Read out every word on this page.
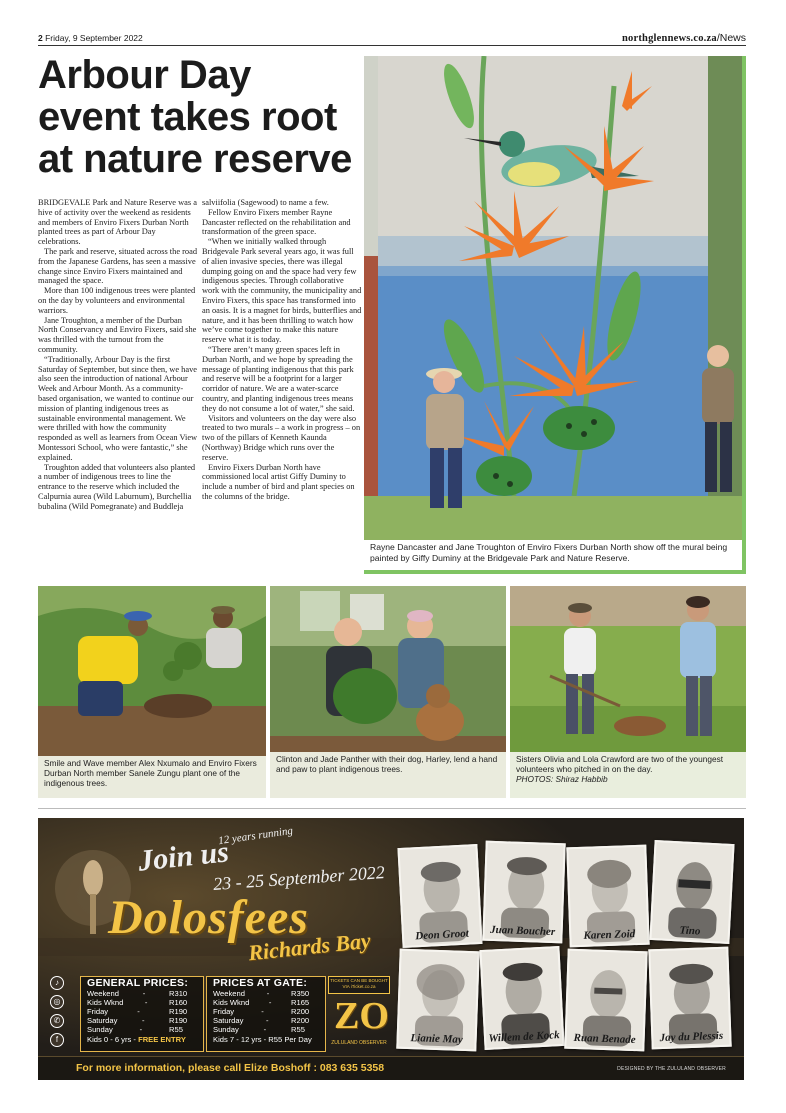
2 Friday, 9 September 2022	northglennews.co.za/News
Arbour Day event takes root at nature reserve

BRIDGEVALE Park and Nature Reserve was a hive of activity over the weekend as residents and members of Enviro Fixers Durban North planted trees as part of Arbour Day celebrations.

The park and reserve, situated across the road from the Japanese Gardens, has seen a massive change since Enviro Fixers maintained and managed the space.

More than 100 indigenous trees were planted on the day by volunteers and environmental warriors.

Jane Troughton, a member of the Durban North Conservancy and Enviro Fixers, said she was thrilled with the turnout from the community.

“Traditionally, Arbour Day is the first Saturday of September, but since then, we have also seen the introduction of national Arbour Week and Arbour Month. As a community-based organisation, we wanted to continue our mission of planting indigenous trees as sustainable environmental management. We were thrilled with how the community responded as well as learners from Ocean View Montessori School, who were fantastic,” she explained.

Troughton added that volunteers also planted a number of indigenous trees to line the entrance to the reserve which included the Calpurnia aurea (Wild Laburnum), Burchellia bubalina (Wild Pomegranate) and Buddleja

salviifolia (Sagewood) to name a few.

Fellow Enviro Fixers member Rayne Dancaster reflected on the rehabilitation and transformation of the green space.

“When we initially walked through Bridgevale Park several years ago, it was full of alien invasive species, there was illegal dumping going on and the space had very few indigenous species. Through collaborative work with the community, the municipality and Enviro Fixers, this space has transformed into an oasis. It is a magnet for birds, butterflies and nature, and it has been thrilling to watch how we’ve come together to make this nature reserve what it is today.

“There aren’t many green spaces left in Durban North, and we hope by spreading the message of planting indigenous that this park and reserve will be a footprint for a larger corridor of nature. We are a water-scarce country, and planting indigenous trees means they do not consume a lot of water,” she said.

Visitors and volunteers on the day were also treated to two murals – a work in progress – on two of the pillars of Kenneth Kaunda (Northway) Bridge which runs over the reserve.

Enviro Fixers Durban North have commissioned local artist Giffy Duminy to include a number of bird and plant species on the columns of the bridge.

Rayne Dancaster and Jane Troughton of Enviro Fixers Durban North show off the mural being painted by Giffy Duminy at the Bridgevale Park and Nature Reserve.
Smile and Wave member Alex Nxumalo and Enviro Fixers Durban North member Sanele Zungu plant one of the indigenous trees.
Clinton and Jade Panther with their dog, Harley, lend a hand and paw to plant indigenous trees.
Sisters Olivia and Lola Crawford are two of the youngest volunteers who pitched in on the day.
PHOTOS: Shiraz Habbib
12 years running
Join us
23 - 25 September 2022
Dolosfees
Richards Bay
♪
◎
✆
f
GENERAL PRICES:
Weekend	-	R310
Kids Wknd	-	R160
Friday	-	R190
Saturday	-	R190
Sunday	-	R55
Kids 0 - 6 yrs - FREE ENTRY
PRICES AT GATE:
Weekend	-	R350
Kids Wknd	-	R165
Friday	-	R200
Saturday	-	R200
Sunday	-	R55
Kids 7 - 12 yrs - R55 Per Day
TICKETS CAN BE BOUGHT VIA iTicket.co.za
ZO
ZULULAND OBSERVER
Deon Groot	Juan Boucher	Karen Zoid	Tino
Lianie May	Willem de Kock	Ruan Benade	Jay du Plessis
For more information, please call Elize Boshoff : 083 635 5358	DESIGNED BY THE ZULULAND OBSERVER
